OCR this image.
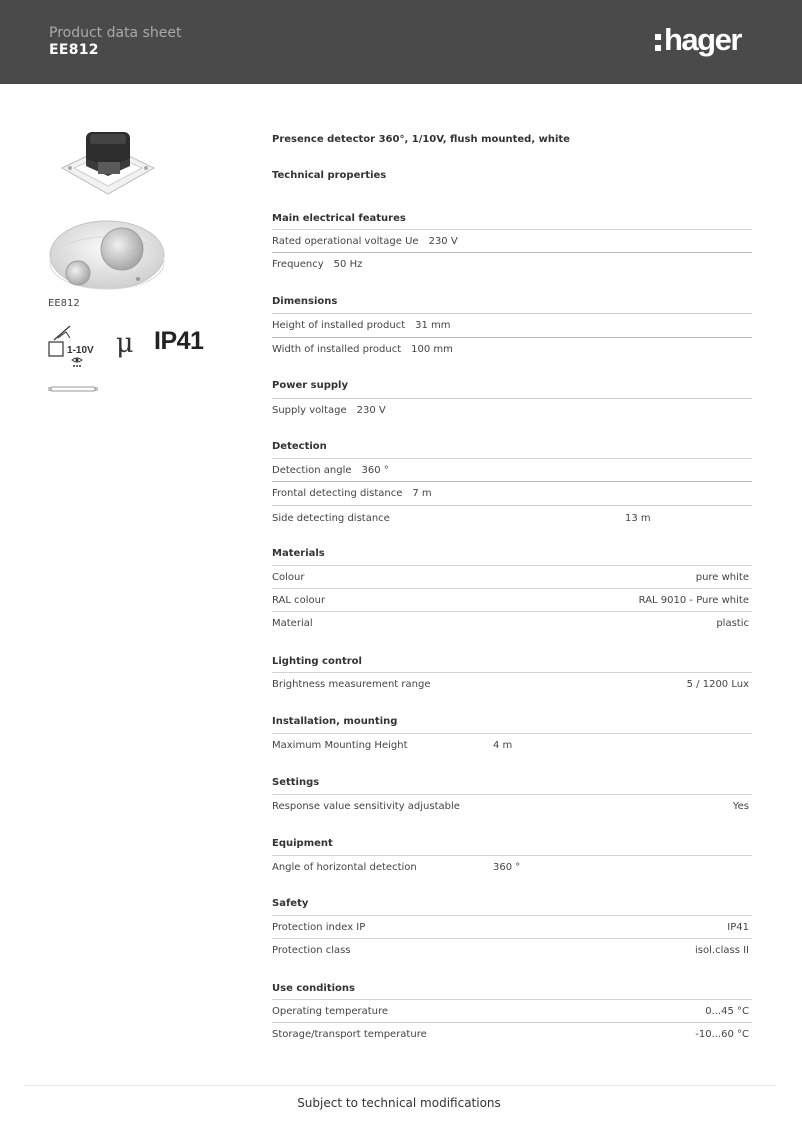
Product data sheet
EE812	hager
EE812
1-10V μ IP41
Presence detector 360°, 1/10V, flush mounted, white
Technical properties
Main electrical features
Rated operational voltage Ue 230 V
Frequency 50 Hz
Dimensions
Height of installed product 31 mm
Width of installed product 100 mm
Power supply
Supply voltage 230 V
Detection
Detection angle 360 °
Frontal detecting distance 7 m
Side detecting distance	13 m
Materials
Colour	pure white
RAL colour	RAL 9010 - Pure white
Material	plastic
Lighting control
Brightness measurement range	5 / 1200 Lux
Installation, mounting
Maximum Mounting Height	4 m
Settings
Response value sensitivity adjustable	Yes
Equipment
Angle of horizontal detection	360 °
Safety
Protection index IP	IP41
Protection class	isol.class II
Use conditions
Operating temperature	0...45 °C
Storage/transport temperature	-10...60 °C
Subject to technical modifications
